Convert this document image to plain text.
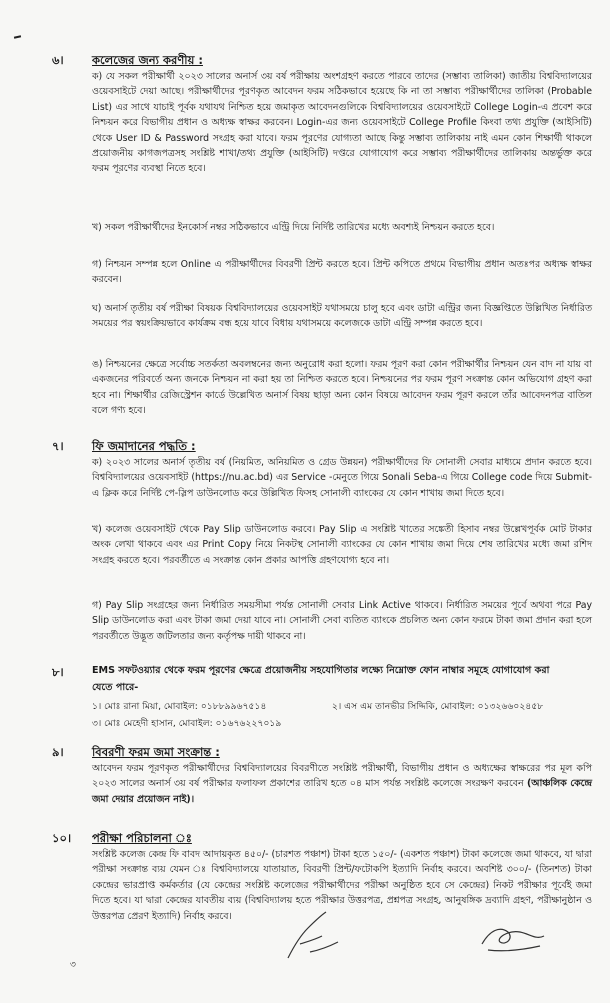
৬।	কলেজের জন্য করণীয় :

ক) যে সকল পরীক্ষার্থী ২০২৩ সালের অনার্স ৩য় বর্ষ পরীক্ষায় অংশগ্রহণ করতে পারবে তাদের (সম্ভাব্য তালিকা) জাতীয় বিশ্ববিদ্যালয়ের ওয়েবসাইটে দেয়া আছে। পরীক্ষার্থীদের পূরণকৃত আবেদন ফরম সঠিকভাবে হয়েছে কি না তা সম্ভাব্য পরীক্ষার্থীদের তালিকা (Probable List) এর সাথে যাচাই পূর্বক যথাযথ নিশ্চিত হয়ে জমাকৃত আবেদনগুলিকে বিশ্ববিদ্যালয়ের ওয়েবসাইটে College Login-এ প্রবেশ করে নিশ্চয়ন করে বিভাগীয় প্রধান ও অধ্যক্ষ স্বাক্ষর করবেন। Login-এর জন্য ওয়েবসাইটে College Profile কিংবা তথ্য প্রযুক্তি (আইসিটি) থেকে User ID & Password সংগ্রহ করা যাবে। ফরম পূরণের যোগ্যতা আছে কিন্তু সম্ভাব্য তালিকায় নাই এমন কোন শিক্ষার্থী থাকলে প্রয়োজনীয় কাগজপত্রসহ সংশ্লিষ্ট শাখা/তথ্য প্রযুক্তি (আইসিটি) দপ্তরে যোগাযোগ করে সম্ভাব্য পরীক্ষার্থীদের তালিকায় অন্তর্ভুক্ত করে ফরম পূরণের ব্যবস্থা নিতে হবে।

খ) সকল পরীক্ষার্থীদের ইনকোর্স নম্বর সঠিকভাবে এন্ট্রি দিয়ে নির্দিষ্ট তারিখের মধ্যে অবশ্যই নিশ্চয়ন করতে হবে।

গ) নিশ্চয়ন সম্পন্ন হলে Online এ পরীক্ষার্থীদের বিবরণী প্রিন্ট করতে হবে। প্রিন্ট কপিতে প্রথমে বিভাগীয় প্রধান অতঃপর অধ্যক্ষ স্বাক্ষর করবেন।

ঘ) অনার্স তৃতীয় বর্ষ পরীক্ষা বিষয়ক বিশ্ববিদ্যালয়ের ওয়েবসাইট যথাসময়ে চালু হবে এবং ডাটা এন্ট্রির জন্য বিজ্ঞপ্তিতে উল্লিখিত নির্ধারিত সময়ের পর স্বয়ংক্রিয়ভাবে কার্যক্রম বন্ধ হয়ে যাবে বিধায় যথাসময়ে কলেজকে ডাটা এন্ট্রি সম্পন্ন করতে হবে।

ঙ) নিশ্চয়নের ক্ষেত্রে সর্বোচ্চ সতর্কতা অবলম্বনের জন্য অনুরোধ করা হলো। ফরম পূরণ করা কোন পরীক্ষার্থীর নিশ্চয়ন যেন বাদ না যায় বা একজনের পরিবর্তে অন্য জনকে নিশ্চয়ন না করা হয় তা নিশ্চিত করতে হবে। নিশ্চয়নের পর ফরম পূরণ সংক্রান্ত কোন অভিযোগ গ্রহণ করা হবে না। শিক্ষার্থীর রেজিস্ট্রেশন কার্ডে উল্লেখিত অনার্স বিষয় ছাড়া অন্য কোন বিষয়ে আবেদন ফরম পূরণ করলে তাঁর আবেদনপত্র বাতিল বলে গণ্য হবে।

৭।	ফি জমাদানের পদ্ধতি :

ক) ২০২৩ সালের অনার্স তৃতীয় বর্ষ (নিয়মিত, অনিয়মিত ও গ্রেড উন্নয়ন) পরীক্ষার্থীদের ফি সোনালী সেবার মাধ্যমে প্রদান করতে হবে। বিশ্ববিদ্যালয়ের ওয়েবসাইট (https://nu.ac.bd) এর Service -মেনুতে গিয়ে Sonali Seba-এ গিয়ে College code দিয়ে Submit-এ ক্লিক করে নির্দিষ্ট পে-স্লিপ ডাউনলোড করে উল্লিখিত ফিসহ সোনালী ব্যাংকের যে কোন শাখায় জমা দিতে হবে।

খ) কলেজ ওয়েবসাইট থেকে Pay Slip ডাউনলোড করবে। Pay Slip এ সংশ্লিষ্ট খাতের সঙ্কেতী হিসাব নম্বর উল্লেখপূর্বক মোট টাকার অংক লেখা থাকবে এবং এর Print Copy নিয়ে নিকটস্থ সোনালী ব্যাংকের যে কোন শাখায় জমা দিয়ে শেষ তারিখের মধ্যে জমা রশিদ সংগ্রহ করতে হবে। পরবর্তীতে এ সংক্রান্ত কোন প্রকার আপত্তি গ্রহণযোগ্য হবে না।

গ) Pay Slip সংগ্রহের জন্য নির্ধারিত সময়সীমা পর্যন্ত সোনালী সেবার Link Active থাকবে। নির্ধারিত সময়ের পূর্বে অথবা পরে Pay Slip ডাউনলোড করা এবং টাকা জমা দেয়া যাবে না। সোনালী সেবা ব্যতিত ব্যাংকে প্রচলিত অন্য কোন ফরমে টাকা জমা প্রদান করা হলে পরবর্তীতে উদ্ভূত জটিলতার জন্য কর্তৃপক্ষ দায়ী থাকবে না।

৮।	EMS সফটওয়্যার থেকে ফরম পূরণের ক্ষেত্রে প্রয়োজনীয় সহযোগিতার লক্ষ্যে নিম্নোক্ত ফোন নাম্বার সমূহে যোগাযোগ করা
যেতে পারে-
১। মোঃ রানা মিয়া, মোবাইল: ০১৮৮৯৯৬৭৫১৪	২। এস এম তানভীর সিদ্দিকি, মোবাইল: ০১৩২৬৬০২৪৫৮
৩। মোঃ মেহেদী হাসান, মোবাইল: ০১৬৭৬২২৭০১৯
৯।	বিবরণী ফরম জমা সংক্রান্ত :

আবেদন ফরম পূরণকৃত পরীক্ষার্থীদের বিশ্ববিদ্যালয়ের বিবরণীতে সংশ্লিষ্ট পরীক্ষার্থী, বিভাগীয় প্রধান ও অধ্যক্ষের স্বাক্ষরের পর মূল কপি ২০২৩ সালের অনার্স ৩য় বর্ষ পরীক্ষার ফলাফল প্রকাশের তারিখ হতে ০৪ মাস পর্যন্ত সংশ্লিষ্ট কলেজে সংরক্ষণ করবেন (আঞ্চলিক কেন্দ্রে জমা দেয়ার প্রয়োজন নাই)।

১০।	পরীক্ষা পরিচালনা ঃ

সংশ্লিষ্ট কলেজ কেন্দ্র ফি বাবদ আদায়কৃত ৪৫০/- (চারশত পঞ্চাশ) টাকা হতে ১৫০/- (একশত পঞ্চাশ) টাকা কলেজে জমা থাকবে, যা দ্বারা পরীক্ষা সংক্রান্ত ব্যয় যেমন ঃ বিশ্ববিদ্যালয়ে যাতায়াত, বিবরণী প্রিন্ট/ফটোকপি ইত্যাদি নির্বাহ করবে। অবশিষ্ট ৩০০/- (তিনশত) টাকা কেন্দ্রের ভারপ্রাপ্ত কর্মকর্তার (যে কেন্দ্রের সংশ্লিষ্ট কলেজের পরীক্ষার্থীদের পরীক্ষা অনুষ্ঠিত হবে সে কেন্দ্রের) নিকট পরীক্ষার পূর্বেই জমা দিতে হবে। যা দ্বারা কেন্দ্রের যাবতীয় ব্যয় (বিশ্ববিদ্যালয় হতে পরীক্ষার উত্তরপত্র, প্রশ্নপত্র সংগ্রহ, আনুষঙ্গিক দ্রব্যাদি গ্রহণ, পরীক্ষানুষ্ঠান ও উত্তরপত্র প্রেরণ ইত্যাদি) নির্বাহ করবে।

৩
